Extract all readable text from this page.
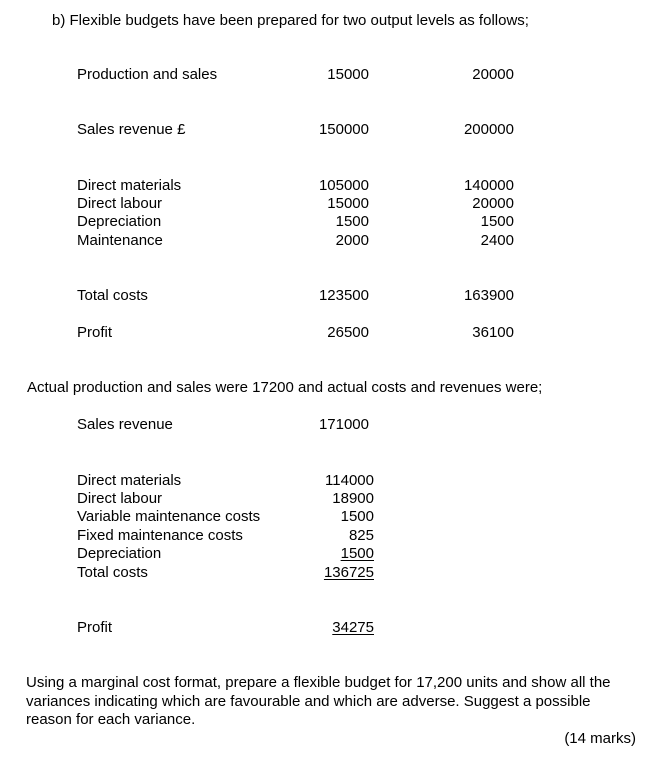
b) Flexible budgets have been prepared for two output levels as follows;
Production and sales	15000	20000
Sales revenue £	150000	200000
Direct materials	105000	140000
Direct labour	15000	20000
Depreciation	1500	1500
Maintenance	2000	2400
Total costs	123500	163900
Profit	26500	36100
Actual production and sales were 17200 and actual costs and revenues were;
Sales revenue	171000
Direct materials	114000
Direct labour	18900
Variable maintenance costs	1500
Fixed maintenance costs	825
Depreciation	1500
Total costs	136725
Profit	34275
Using a marginal cost format, prepare a flexible budget for 17,200 units and show all the variances indicating which are favourable and which are adverse. Suggest a possible reason for each variance.
(14 marks)
